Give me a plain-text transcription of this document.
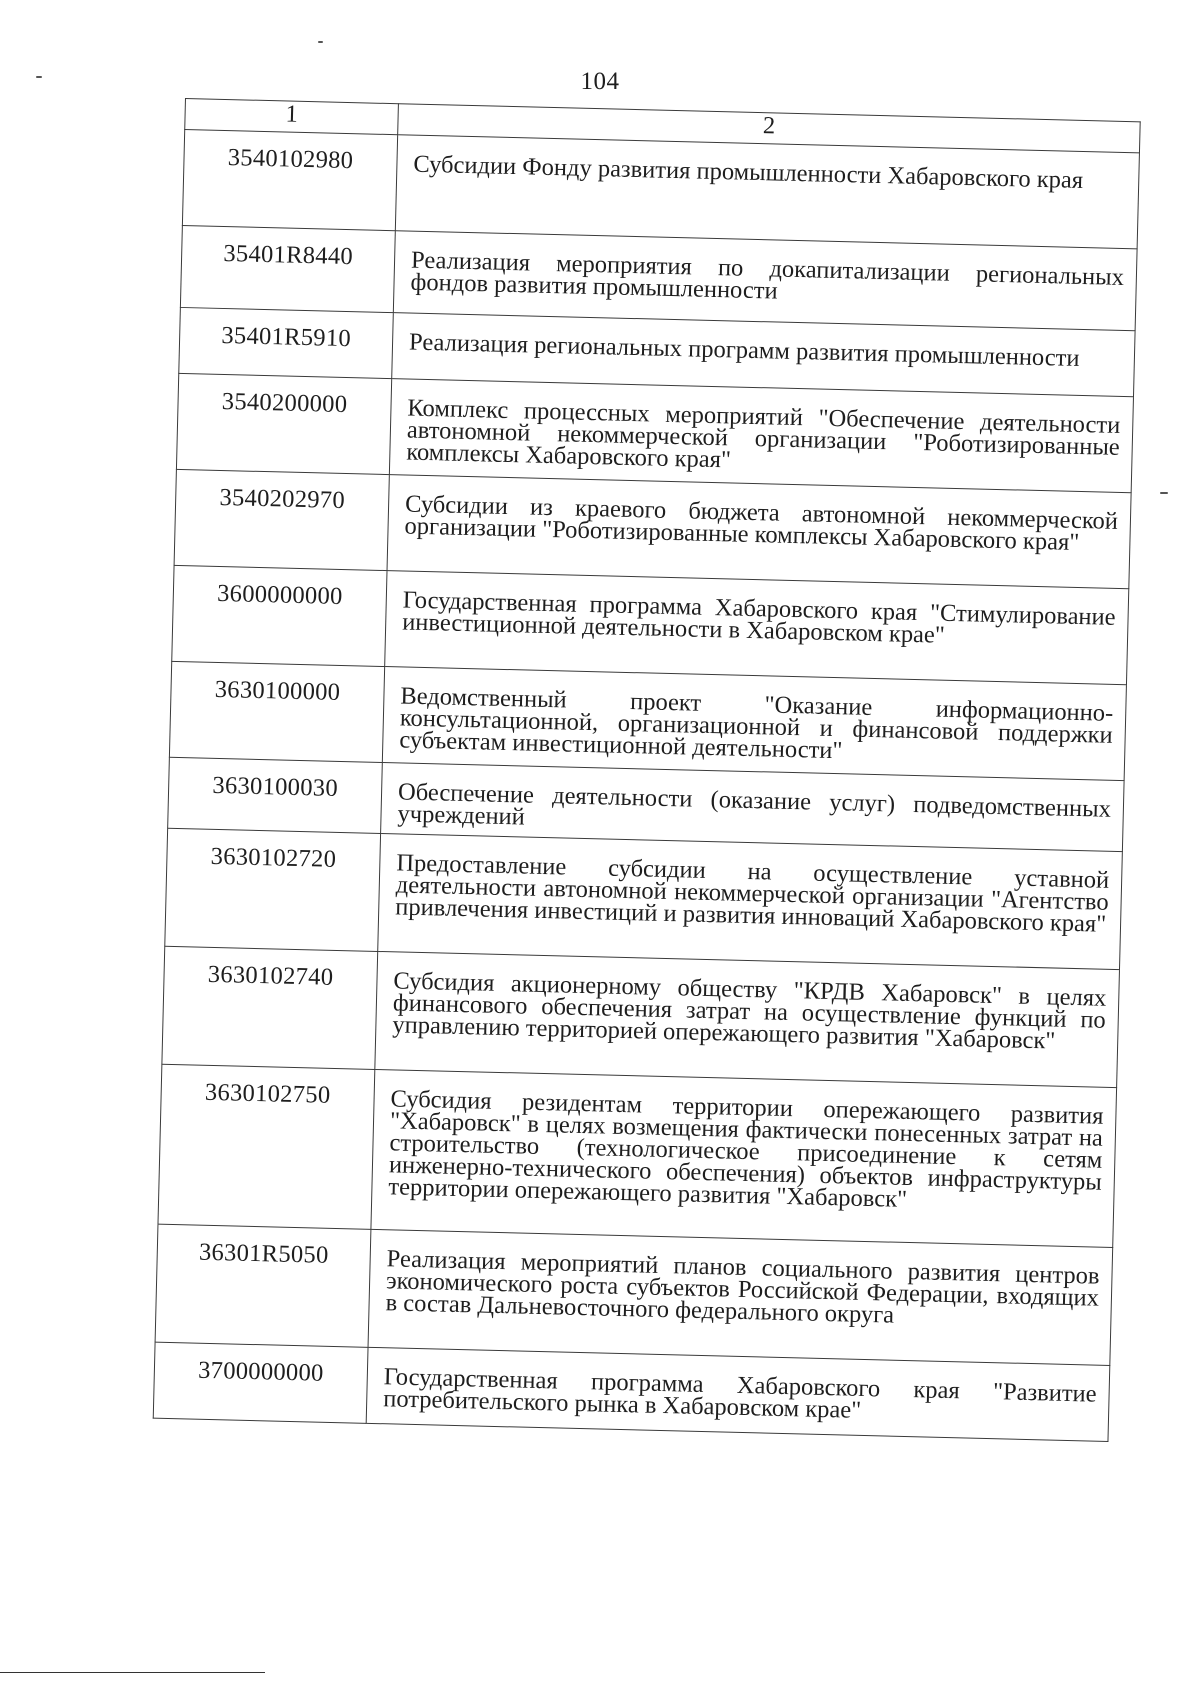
104
1	2
3540102980	Субсидии Фонду развития промышленности Хабаровского края
35401R8440	Реализация мероприятия по докапитализации региональных фондов развития промышленности
35401R5910	Реализация региональных программ развития промышленности
3540200000	Комплекс процессных мероприятий "Обеспечение деятельности автономной некоммерческой организации "Роботизированные комплексы Хабаровского края"
3540202970	Субсидии из краевого бюджета автономной некоммерческой организации "Роботизированные комплексы Хабаровского края"
3600000000	Государственная программа Хабаровского края "Стимулирование инвестиционной деятельности в Хабаровском крае"
3630100000	Ведомственный проект "Оказание информационно-консультационной, организационной и финансовой поддержки субъектам инвестиционной деятельности"
3630100030	Обеспечение деятельности (оказание услуг) подведомственных учреждений
3630102720	Предоставление субсидии на осуществление уставной деятельности автономной некоммерческой организации "Агентство привлечения инвестиций и развития инноваций Хабаровского края"
3630102740	Субсидия акционерному обществу "КРДВ Хабаровск" в целях финансового обеспечения затрат на осуществление функций по управлению территорией опережающего развития "Хабаровск"
3630102750	Субсидия резидентам территории опережающего развития "Хабаровск" в целях возмещения фактически понесенных затрат на строительство (технологическое присоединение к сетям инженерно-технического обеспечения) объектов инфраструктуры территории опережающего развития "Хабаровск"
36301R5050	Реализация мероприятий планов социального развития центров экономического роста субъектов Российской Федерации, входящих в состав Дальневосточного федерального округа
3700000000	Государственная программа Хабаровского края "Развитие потребительского рынка в Хабаровском крае"
